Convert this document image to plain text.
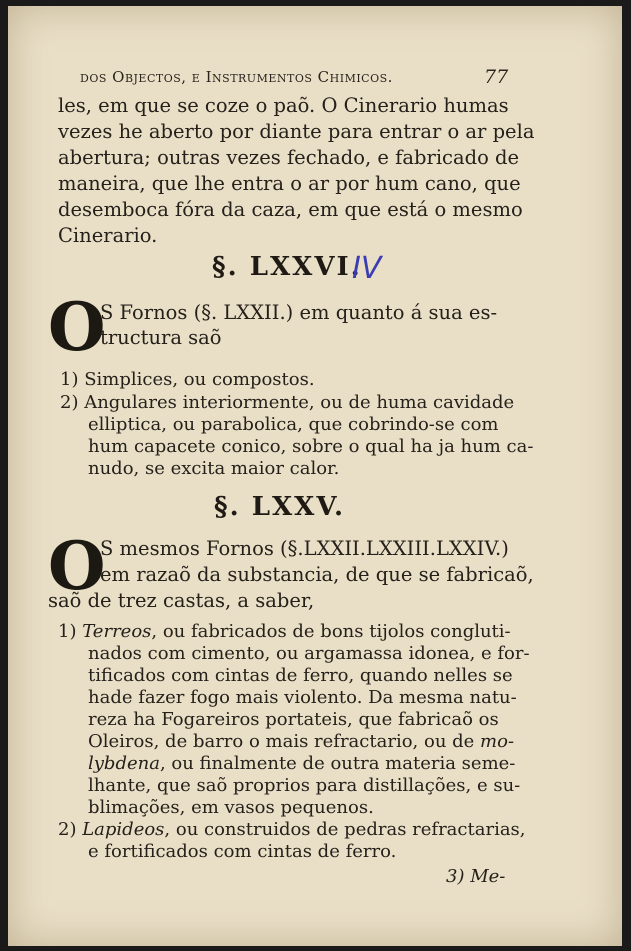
dos Objectos, e Instrumentos Chimicos.	77
les, em que se coze o paõ. O Cinerario humas
vezes he aberto por diante para entrar o ar pela
abertura; outras vezes fechado, e fabricado de
maneira, que lhe entra o ar por hum cano, que
desemboca fóra da caza, em que está o mesmo
Cinerario.
§. LXXVI.
IV
O
S Fornos (§. LXXII.) em quanto á sua es-
tructura saõ
1) Simplices, ou compostos.
2) Angulares interiormente, ou de huma cavidade
elliptica, ou parabolica, que cobrindo-se com
hum capacete conico, sobre o qual ha ja hum ca-
nudo, se excita maior calor.
§. LXXV.
O
S mesmos Fornos (§.LXXII.LXXIII.LXXIV.)
em razaõ da substancia, de que se fabricaõ,
saõ de trez castas, a saber,
1) Terreos, ou fabricados de bons tijolos congluti-
nados com cimento, ou argamassa idonea, e for-
tificados com cintas de ferro, quando nelles se
hade fazer fogo mais violento. Da mesma natu-
reza ha Fogareiros portateis, que fabricaõ os
Oleiros, de barro o mais refractario, ou de mo-
lybdena, ou finalmente de outra materia seme-
lhante, que saõ proprios para distillações, e su-
blimações, em vasos pequenos.
2) Lapideos, ou construidos de pedras refractarias,
e fortificados com cintas de ferro.
3) Me-
